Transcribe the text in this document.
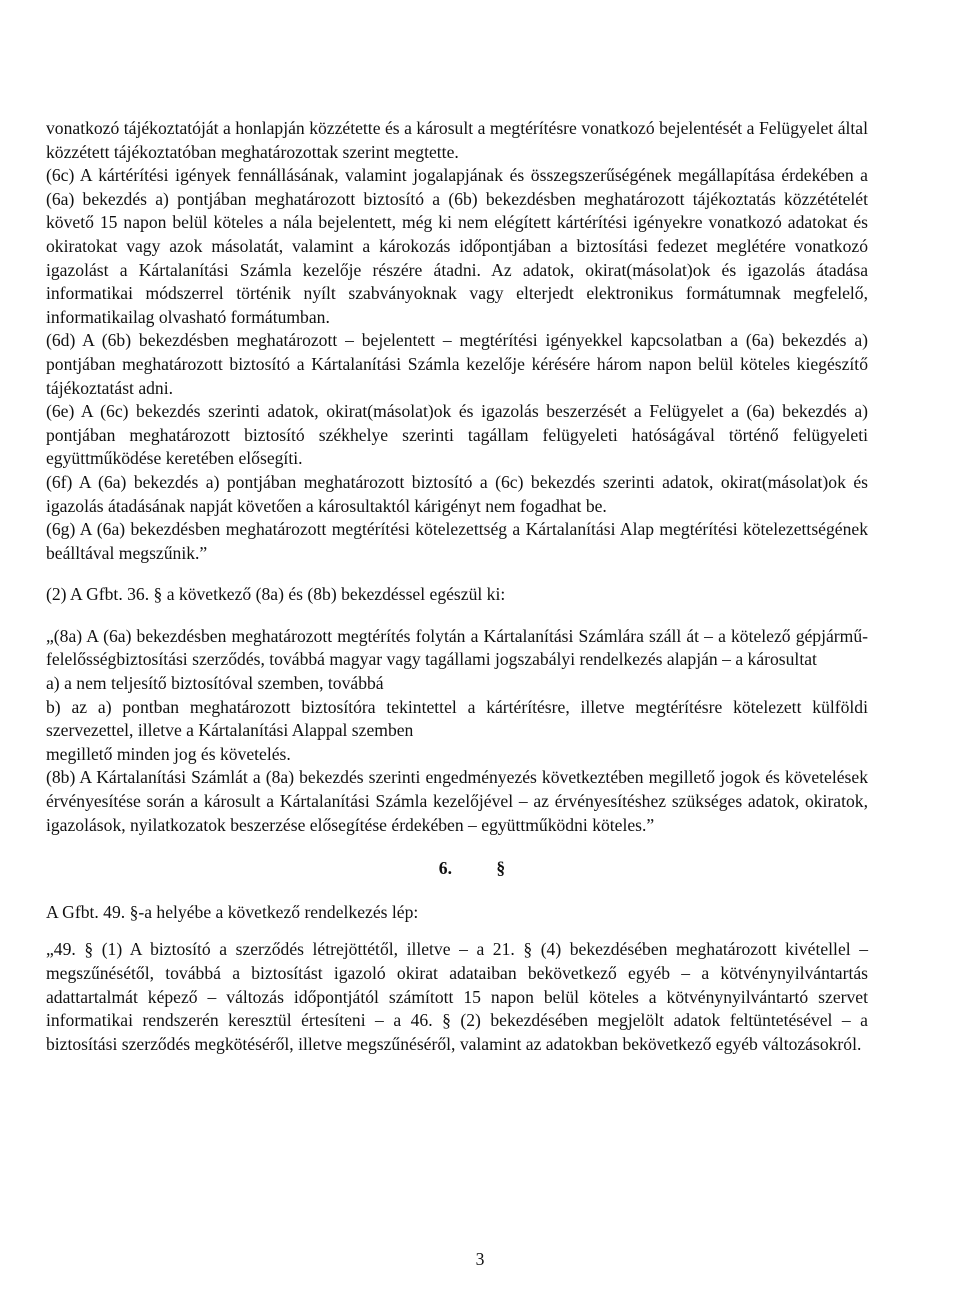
vonatkozó tájékoztatóját a honlapján közzétette és a károsult a megtérítésre vonatkozó bejelentését a Felügyelet által közzétett tájékoztatóban meghatározottak szerint megtette.

(6c) A kártérítési igények fennállásának, valamint jogalapjának és összegszerűségének megállapítása érdekében a (6a) bekezdés a) pontjában meghatározott biztosító a (6b) bekezdésben meghatározott tájékoztatás közzétételét követő 15 napon belül köteles a nála bejelentett, még ki nem elégített kártérítési igényekre vonatkozó adatokat és okiratokat vagy azok másolatát, valamint a károkozás időpontjában a biztosítási fedezet meglétére vonatkozó igazolást a Kártalanítási Számla kezelője részére átadni. Az adatok, okirat(másolat)ok és igazolás átadása informatikai módszerrel történik nyílt szabványoknak vagy elterjedt elektronikus formátumnak megfelelő, informatikailag olvasható formátumban.

(6d) A (6b) bekezdésben meghatározott – bejelentett – megtérítési igényekkel kapcsolatban a (6a) bekezdés a) pontjában meghatározott biztosító a Kártalanítási Számla kezelője kérésére három napon belül köteles kiegészítő tájékoztatást adni.

(6e) A (6c) bekezdés szerinti adatok, okirat(másolat)ok és igazolás beszerzését a Felügyelet a (6a) bekezdés a) pontjában meghatározott biztosító székhelye szerinti tagállam felügyeleti hatóságával történő felügyeleti együttműködése keretében elősegíti.

(6f) A (6a) bekezdés a) pontjában meghatározott biztosító a (6c) bekezdés szerinti adatok, okirat(másolat)ok és igazolás átadásának napját követően a károsultaktól kárigényt nem fogadhat be.

(6g) A (6a) bekezdésben meghatározott megtérítési kötelezettség a Kártalanítási Alap megtérítési kötelezettségének beálltával megszűnik.”

(2) A Gfbt. 36. § a következő (8a) és (8b) bekezdéssel egészül ki:

„(8a) A (6a) bekezdésben meghatározott megtérítés folytán a Kártalanítási Számlára száll át – a kötelező gépjármű-felelősségbiztosítási szerződés, továbbá magyar vagy tagállami jogszabályi rendelkezés alapján – a károsultat

a) a nem teljesítő biztosítóval szemben, továbbá

b) az a) pontban meghatározott biztosítóra tekintettel a kártérítésre, illetve megtérítésre kötelezett külföldi szervezettel, illetve a Kártalanítási Alappal szemben

megillető minden jog és követelés.

(8b) A Kártalanítási Számlát a (8a) bekezdés szerinti engedményezés következtében megillető jogok és követelések érvényesítése során a károsult a Kártalanítási Számla kezelőjével – az érvényesítéshez szükséges adatok, okiratok, igazolások, nyilatkozatok beszerzése elősegítése érdekében – együttműködni köteles.”

6.	§

A Gfbt. 49. §-a helyébe a következő rendelkezés lép:

„49. § (1) A biztosító a szerződés létrejöttétől, illetve – a 21. § (4) bekezdésében meghatározott kivétellel – megszűnésétől, továbbá a biztosítást igazoló okirat adataiban bekövetkező egyéb – a kötvénynyilvántartás adattartalmát képező – változás időpontjától számított 15 napon belül köteles a kötvénynyilvántartó szervet informatikai rendszerén keresztül értesíteni – a 46. § (2) bekezdésében megjelölt adatok feltüntetésével – a biztosítási szerződés megkötéséről, illetve megszűnéséről, valamint az adatokban bekövetkező egyéb változásokról.

3
